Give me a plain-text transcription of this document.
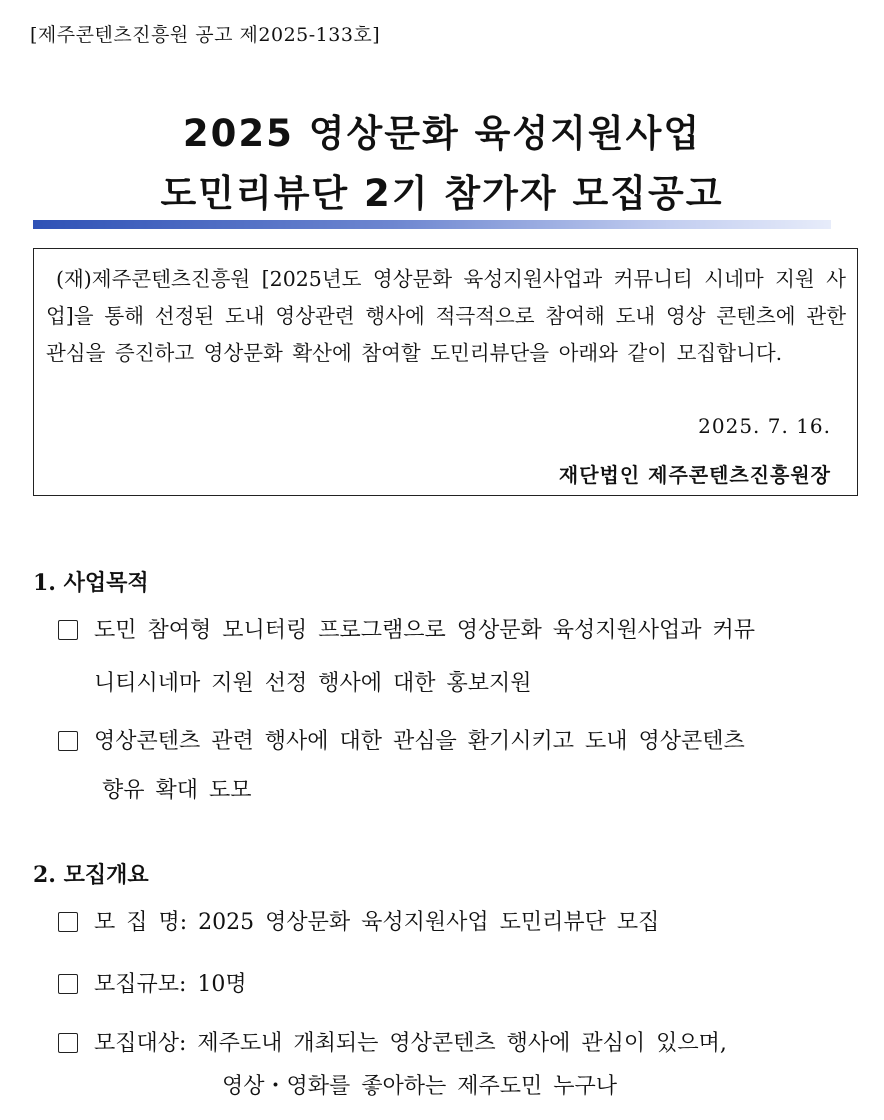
[제주콘텐츠진흥원 공고 제2025-133호]
2025 영상문화 육성지원사업
도민리뷰단 2기 참가자 모집공고
(재)제주콘텐츠진흥원 [2025년도 영상문화 육성지원사업과 커뮤니티 시네마 지원 사업]을 통해 선정된 도내 영상관련 행사에 적극적으로 참여해 도내 영상 콘텐츠에 관한 관심을 증진하고 영상문화 확산에 참여할 도민리뷰단을 아래와 같이 모집합니다.
2025. 7. 16.
재단법인 제주콘텐츠진흥원장
1. 사업목적
도민 참여형 모니터링 프로그램으로 영상문화 육성지원사업과 커뮤
니티시네마 지원 선정 행사에 대한 홍보지원
영상콘텐츠 관련 행사에 대한 관심을 환기시키고 도내 영상콘텐츠
향유 확대 도모
2. 모집개요
모 집 명: 2025 영상문화 육성지원사업 도민리뷰단 모집
모집규모: 10명
모집대상: 제주도내 개최되는 영상콘텐츠 행사에 관심이 있으며,
영상・영화를 좋아하는 제주도민 누구나
